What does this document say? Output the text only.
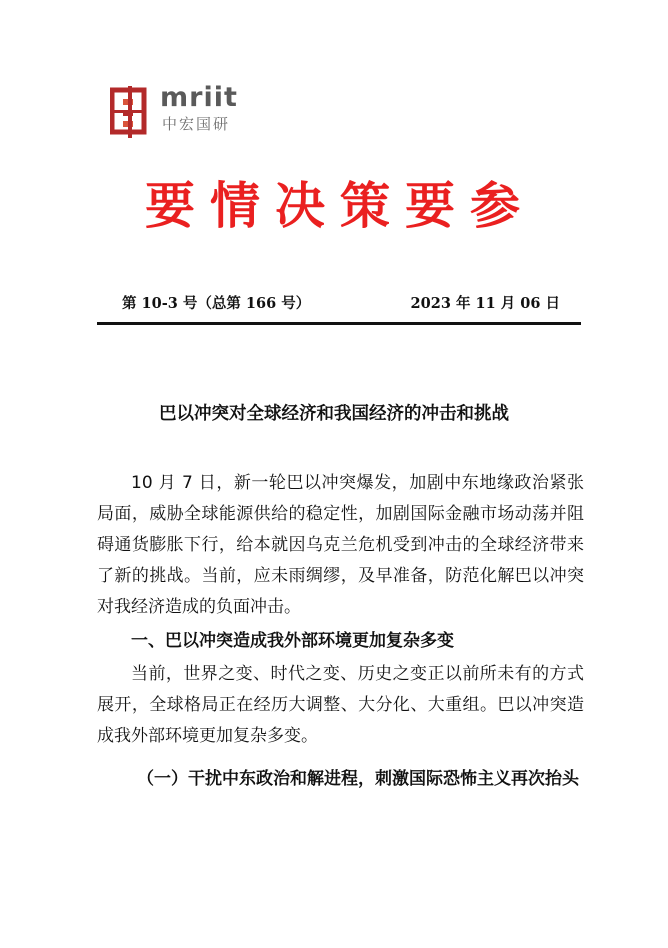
mriit
中宏国研
要情决策要参
第 10-3 号（总第 166 号）	2023 年 11 月 06 日
巴以冲突对全球经济和我国经济的冲击和挑战

10 月 7 日，新一轮巴以冲突爆发，加剧中东地缘政治紧张局面，威胁全球能源供给的稳定性，加剧国际金融市场动荡并阻碍通货膨胀下行，给本就因乌克兰危机受到冲击的全球经济带来了新的挑战。当前，应未雨绸缪，及早准备，防范化解巴以冲突对我经济造成的负面冲击。

一、巴以冲突造成我外部环境更加复杂多变

当前，世界之变、时代之变、历史之变正以前所未有的方式展开，全球格局正在经历大调整、大分化、大重组。巴以冲突造成我外部环境更加复杂多变。

（一）干扰中东政治和解进程，刺激国际恐怖主义再次抬头
